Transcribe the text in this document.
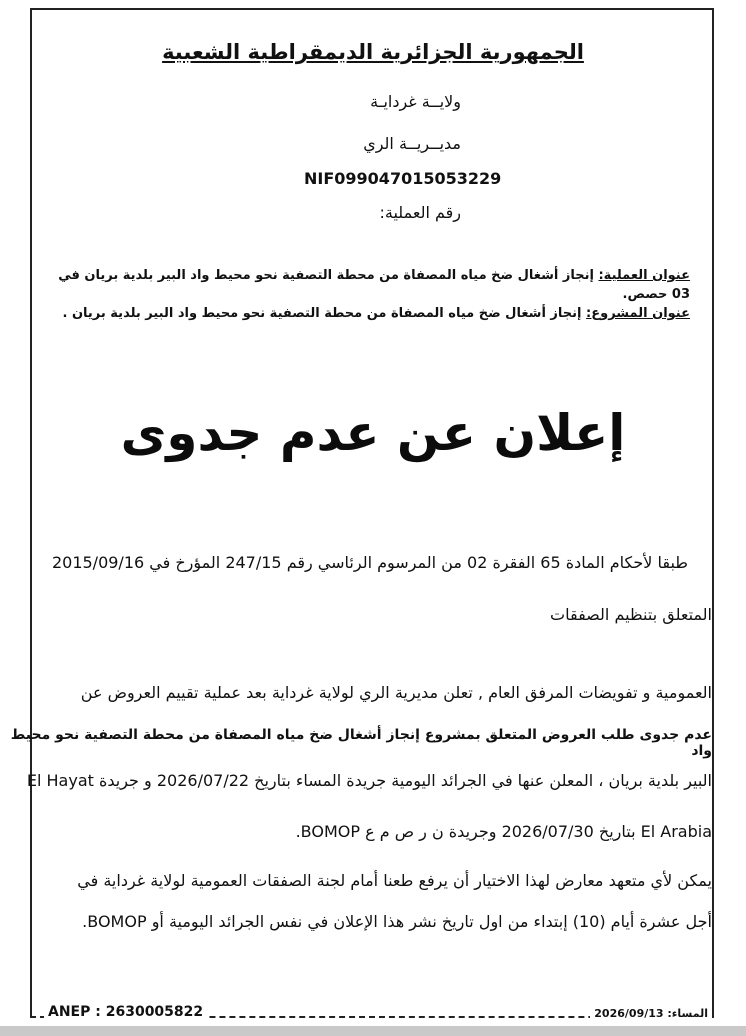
الجمهورية الجزائرية الديمقراطية الشعبية
ولايــة غردايـة
مديــريــة الري
NIF099047015053229
رقم العملية:
عنوان العملية: إنجاز أشغال ضخ مياه المصفاة من محطة التصفية نحو محيط واد البير بلدية بريان في 03 حصص.
عنوان المشروع: إنجاز أشغال ضخ مياه المصفاة من محطة التصفية نحو محيط واد البير بلدية بريان .
إعلان عن عدم جدوى
طبقا لأحكام المادة 65 الفقرة 02 من المرسوم الرئاسي رقم 247/15 المؤرخ في 2015/09/16
المتعلق بتنظيم الصفقات
العمومية و تفويضات المرفق العام , تعلن مديرية الري لولاية غرداية بعد عملية تقييم العروض عن
عدم جدوى طلب العروض المتعلق بمشروع إنجاز أشغال ضخ مياه المصفاة من محطة التصفية نحو محيط واد
البير بلدية بريان ، المعلن عنها في الجرائد اليومية جريدة المساء بتاريخ 2026/07/22 و جريدة El Hayat
El Arabia بتاريخ 2026/07/30 وجريدة ن ر ص م ع BOMOP.
يمكن لأي متعهد معارض لهذا الاختيار أن يرفع طعنا أمام لجنة الصفقات العمومية لولاية غرداية في
أجل عشرة أيام (10) إبتداء من اول تاريخ نشر هذا الإعلان في نفس الجرائد اليومية أو BOMOP.
ANEP : 2630005822	المساء: 2026/09/13
